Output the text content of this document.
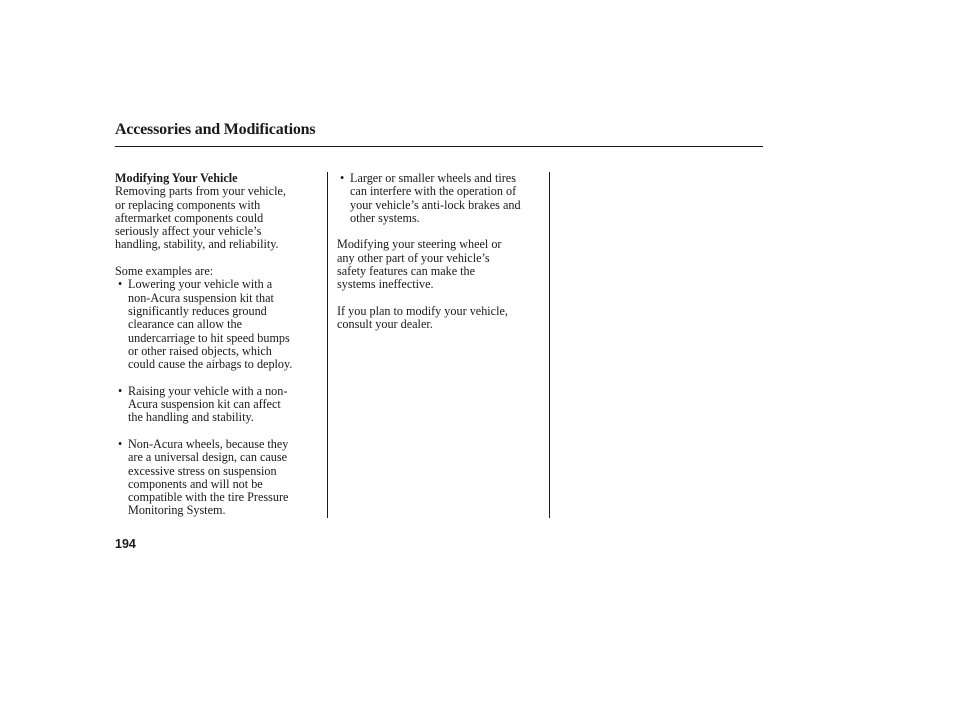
Accessories and Modifications

Modifying Your Vehicle

Removing parts from your vehicle,

or replacing components with

aftermarket components could

seriously affect your vehicle’s

handling, stability, and reliability.

Some examples are:

• Lowering your vehicle with a

non-Acura suspension kit that

significantly reduces ground

clearance can allow the

undercarriage to hit speed bumps

or other raised objects, which

could cause the airbags to deploy.

• Raising your vehicle with a non-

Acura suspension kit can affect

the handling and stability.

• Non-Acura wheels, because they

are a universal design, can cause

excessive stress on suspension

components and will not be

compatible with the tire Pressure

Monitoring System.

• Larger or smaller wheels and tires

can interfere with the operation of

your vehicle’s anti-lock brakes and

other systems.

Modifying your steering wheel or

any other part of your vehicle’s

safety features can make the

systems ineffective.

If you plan to modify your vehicle,

consult your dealer.

194
